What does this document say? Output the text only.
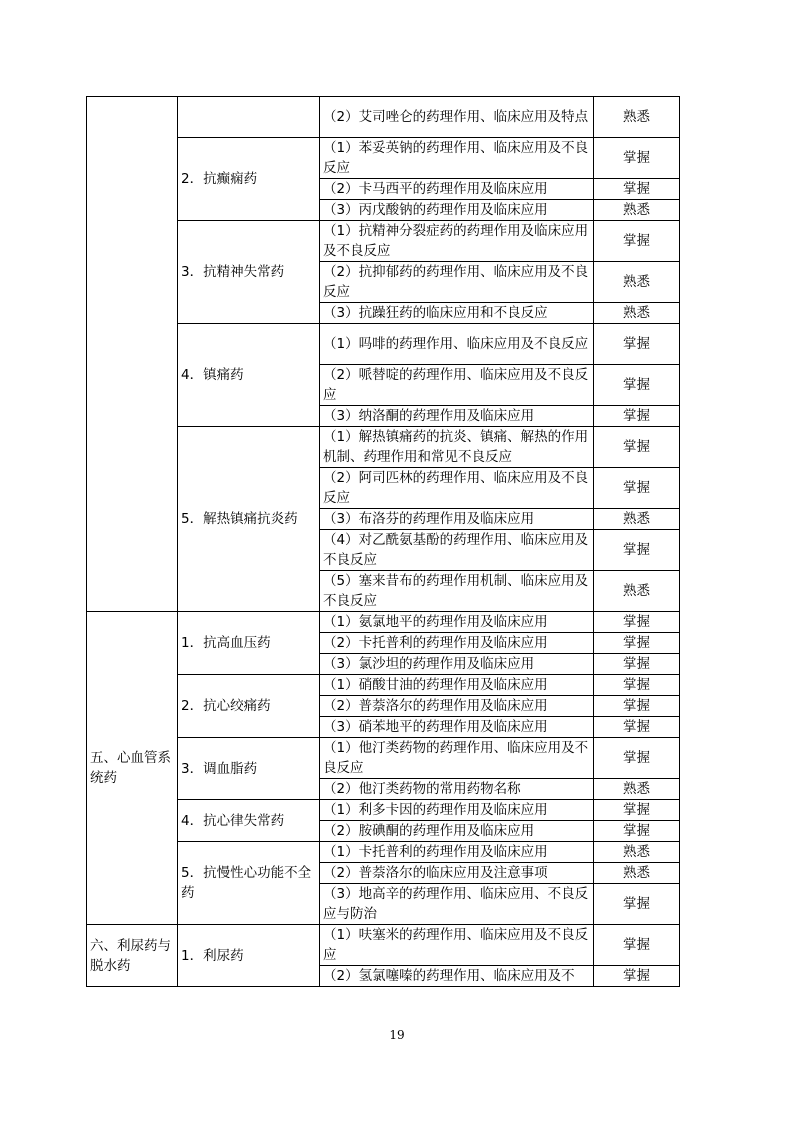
		（2）艾司唑仑的药理作用、临床应用及特点	熟悉
	2．抗癫痫药	（1）苯妥英钠的药理作用、临床应用及不良反应	掌握
		（2）卡马西平的药理作用及临床应用	掌握
		（3）丙戊酸钠的药理作用及临床应用	熟悉
	3．抗精神失常药	（1）抗精神分裂症药的药理作用及临床应用及不良反应	掌握
		（2）抗抑郁药的药理作用、临床应用及不良反应	熟悉
		（3）抗躁狂药的临床应用和不良反应	熟悉
	4．镇痛药	（1）吗啡的药理作用、临床应用及不良反应	掌握
		（2）哌替啶的药理作用、临床应用及不良反应	掌握
		（3）纳洛酮的药理作用及临床应用	掌握
	5．解热镇痛抗炎药	（1）解热镇痛药的抗炎、镇痛、解热的作用机制、药理作用和常见不良反应	掌握
		（2）阿司匹林的药理作用、临床应用及不良反应	掌握
		（3）布洛芬的药理作用及临床应用	熟悉
		（4）对乙酰氨基酚的药理作用、临床应用及不良反应	掌握
		（5）塞来昔布的药理作用机制、临床应用及不良反应	熟悉
五、心血管系统药	1．抗高血压药	（1）氨氯地平的药理作用及临床应用	掌握
		（2）卡托普利的药理作用及临床应用	掌握
		（3）氯沙坦的药理作用及临床应用	掌握
	2．抗心绞痛药	（1）硝酸甘油的药理作用及临床应用	掌握
		（2）普萘洛尔的药理作用及临床应用	掌握
		（3）硝苯地平的药理作用及临床应用	掌握
	3．调血脂药	（1）他汀类药物的药理作用、临床应用及不良反应	掌握
		（2）他汀类药物的常用药物名称	熟悉
	4．抗心律失常药	（1）利多卡因的药理作用及临床应用	掌握
		（2）胺碘酮的药理作用及临床应用	掌握
	5．抗慢性心功能不全药	（1）卡托普利的药理作用及临床应用	熟悉
		（2）普萘洛尔的临床应用及注意事项	熟悉
		（3）地高辛的药理作用、临床应用、不良反应与防治	掌握
六、利尿药与脱水药	1．利尿药	（1）呋塞米的药理作用、临床应用及不良反应	掌握
		（2）氢氯噻嗪的药理作用、临床应用及不	掌握
19
